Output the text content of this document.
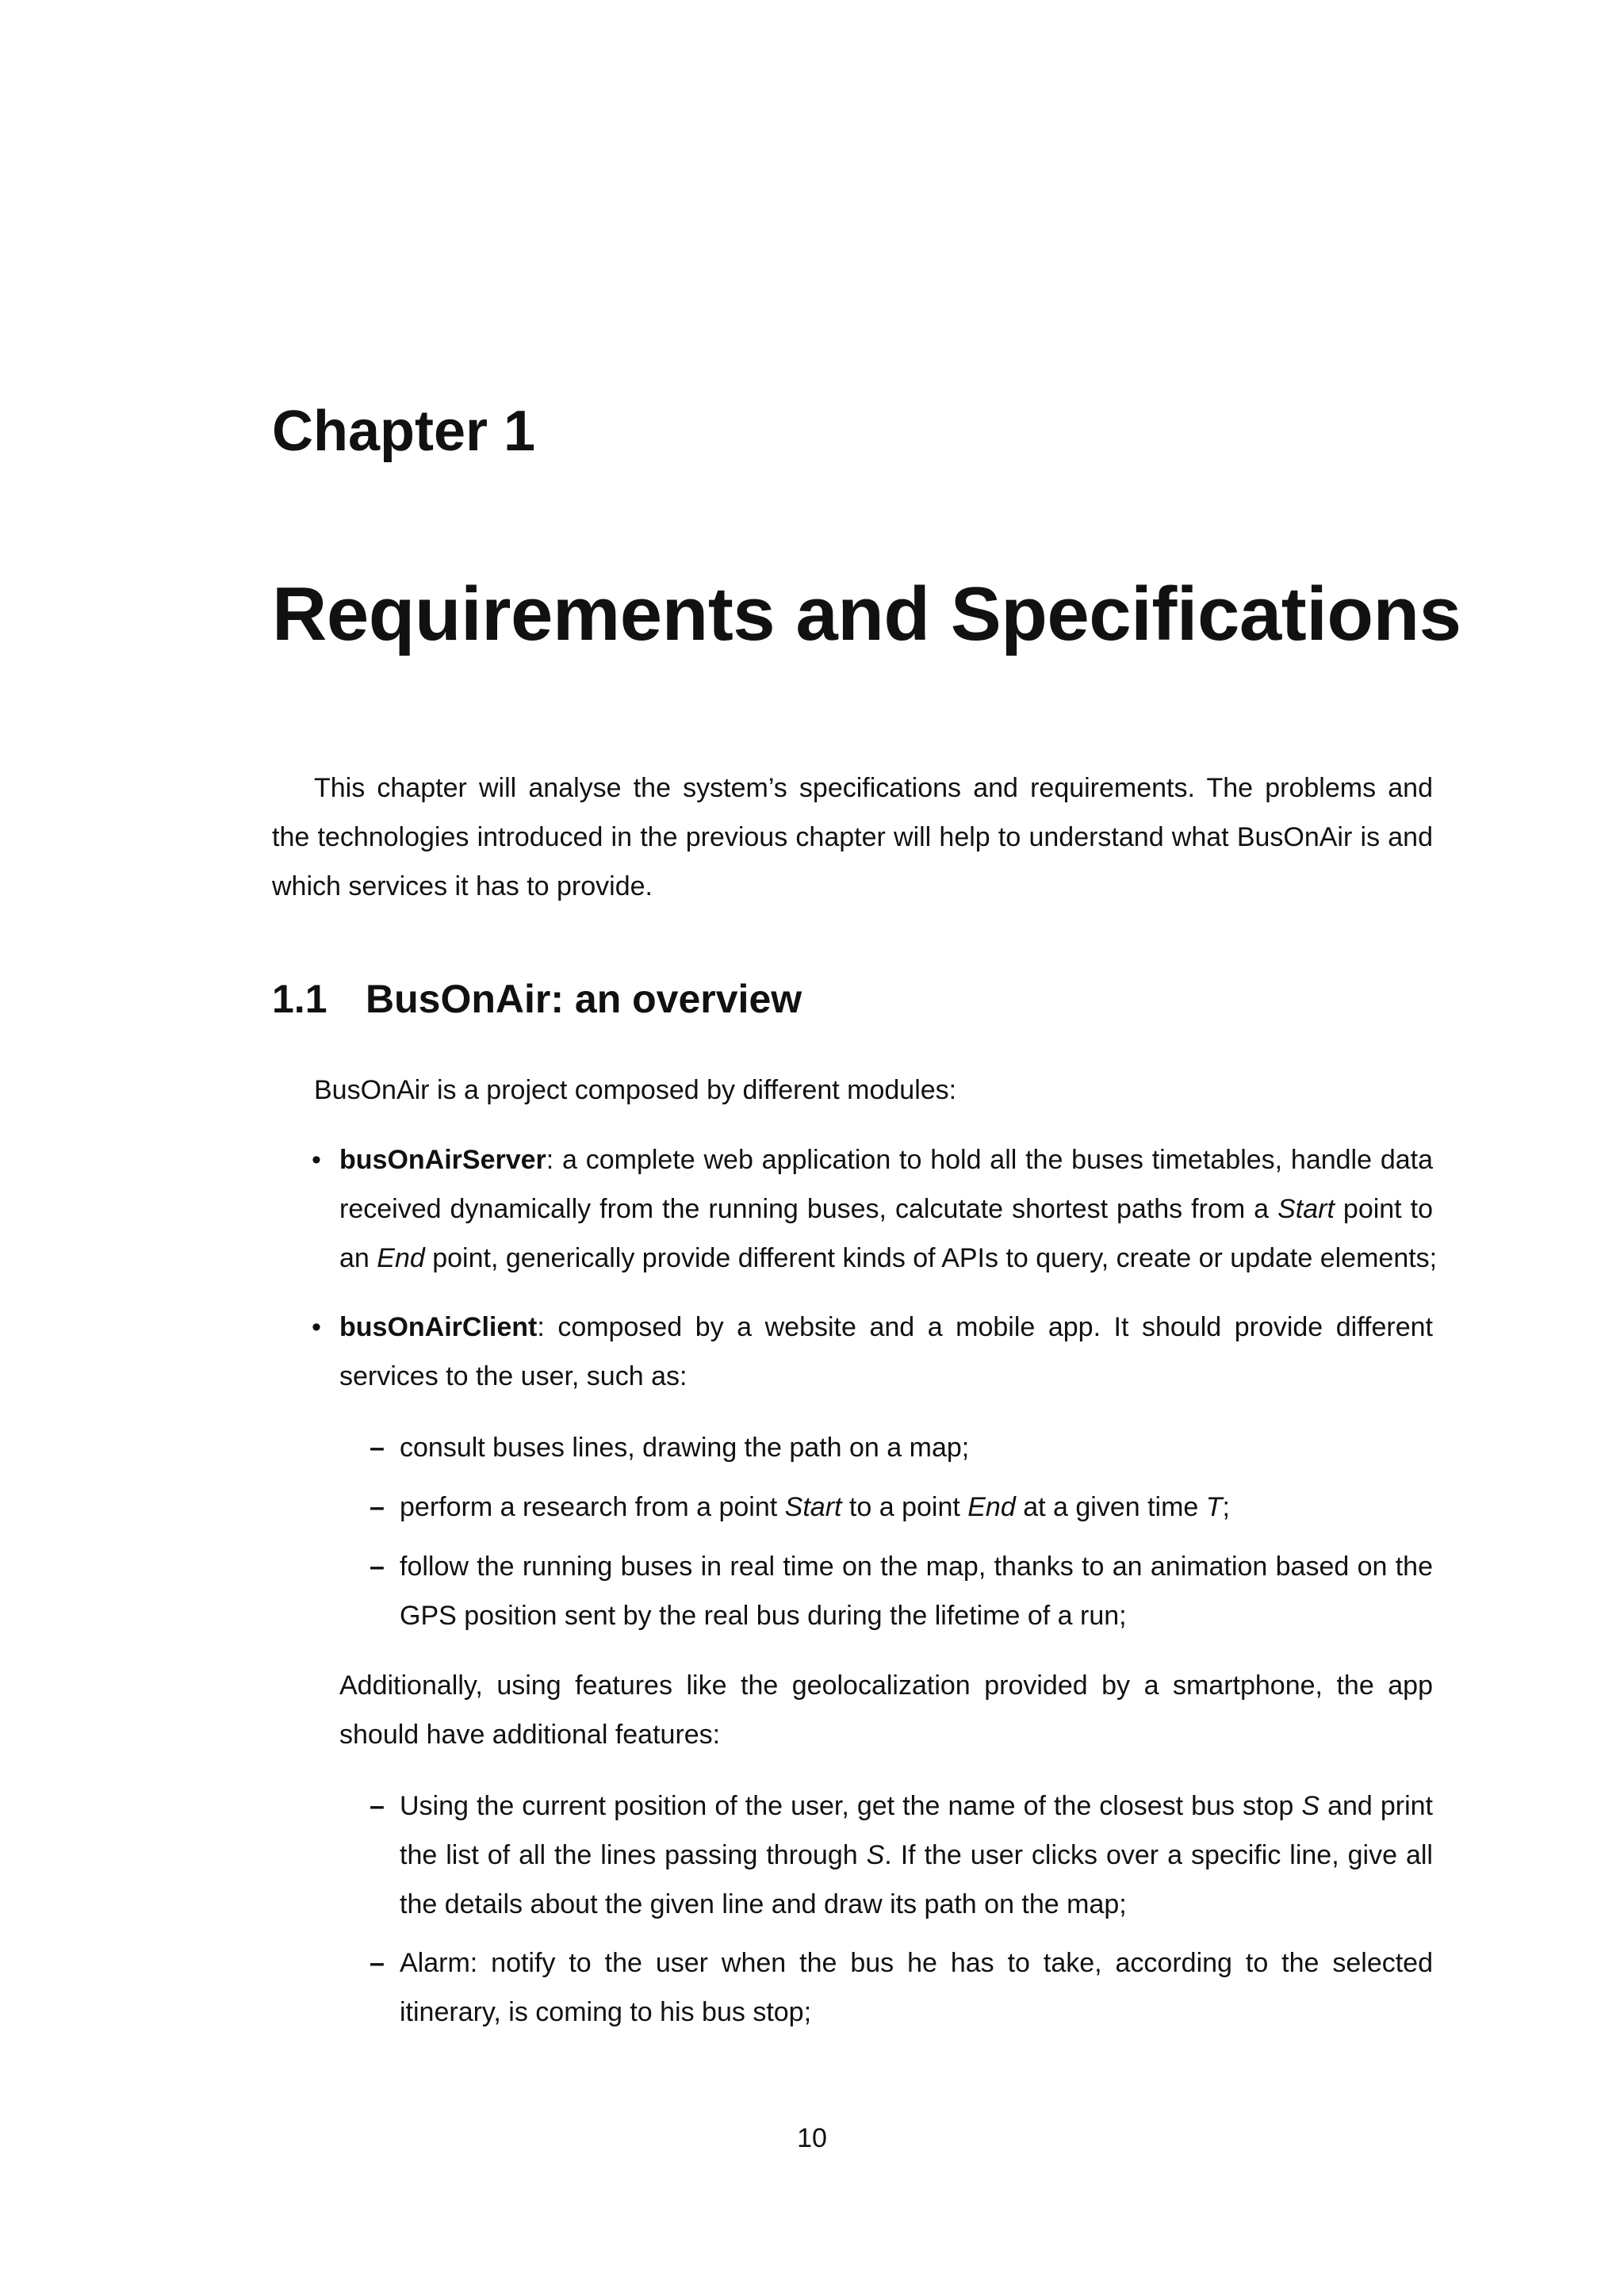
Chapter 1
Requirements and Specifications
This chapter will analyse the system’s specifications and requirements. The problems and
the technologies introduced in the previous chapter will help to understand what BusOnAir is and
which services it has to provide.
1.1 BusOnAir: an overview
BusOnAir is a project composed by different modules:
• busOnAirServer: a complete web application to hold all the buses timetables, handle data
received dynamically from the running buses, calcutate shortest paths from a Start point to
an End point, generically provide different kinds of APIs to query, create or update elements;
• busOnAirClient: composed by a website and a mobile app. It should provide different
services to the user, such as:
– consult buses lines, drawing the path on a map;
– perform a research from a point Start to a point End at a given time T;
– follow the running buses in real time on the map, thanks to an animation based on the
GPS position sent by the real bus during the lifetime of a run;
Additionally, using features like the geolocalization provided by a smartphone, the app
should have additional features:
– Using the current position of the user, get the name of the closest bus stop S and print
the list of all the lines passing through S. If the user clicks over a specific line, give all
the details about the given line and draw its path on the map;
– Alarm: notify to the user when the bus he has to take, according to the selected
itinerary, is coming to his bus stop;
10
